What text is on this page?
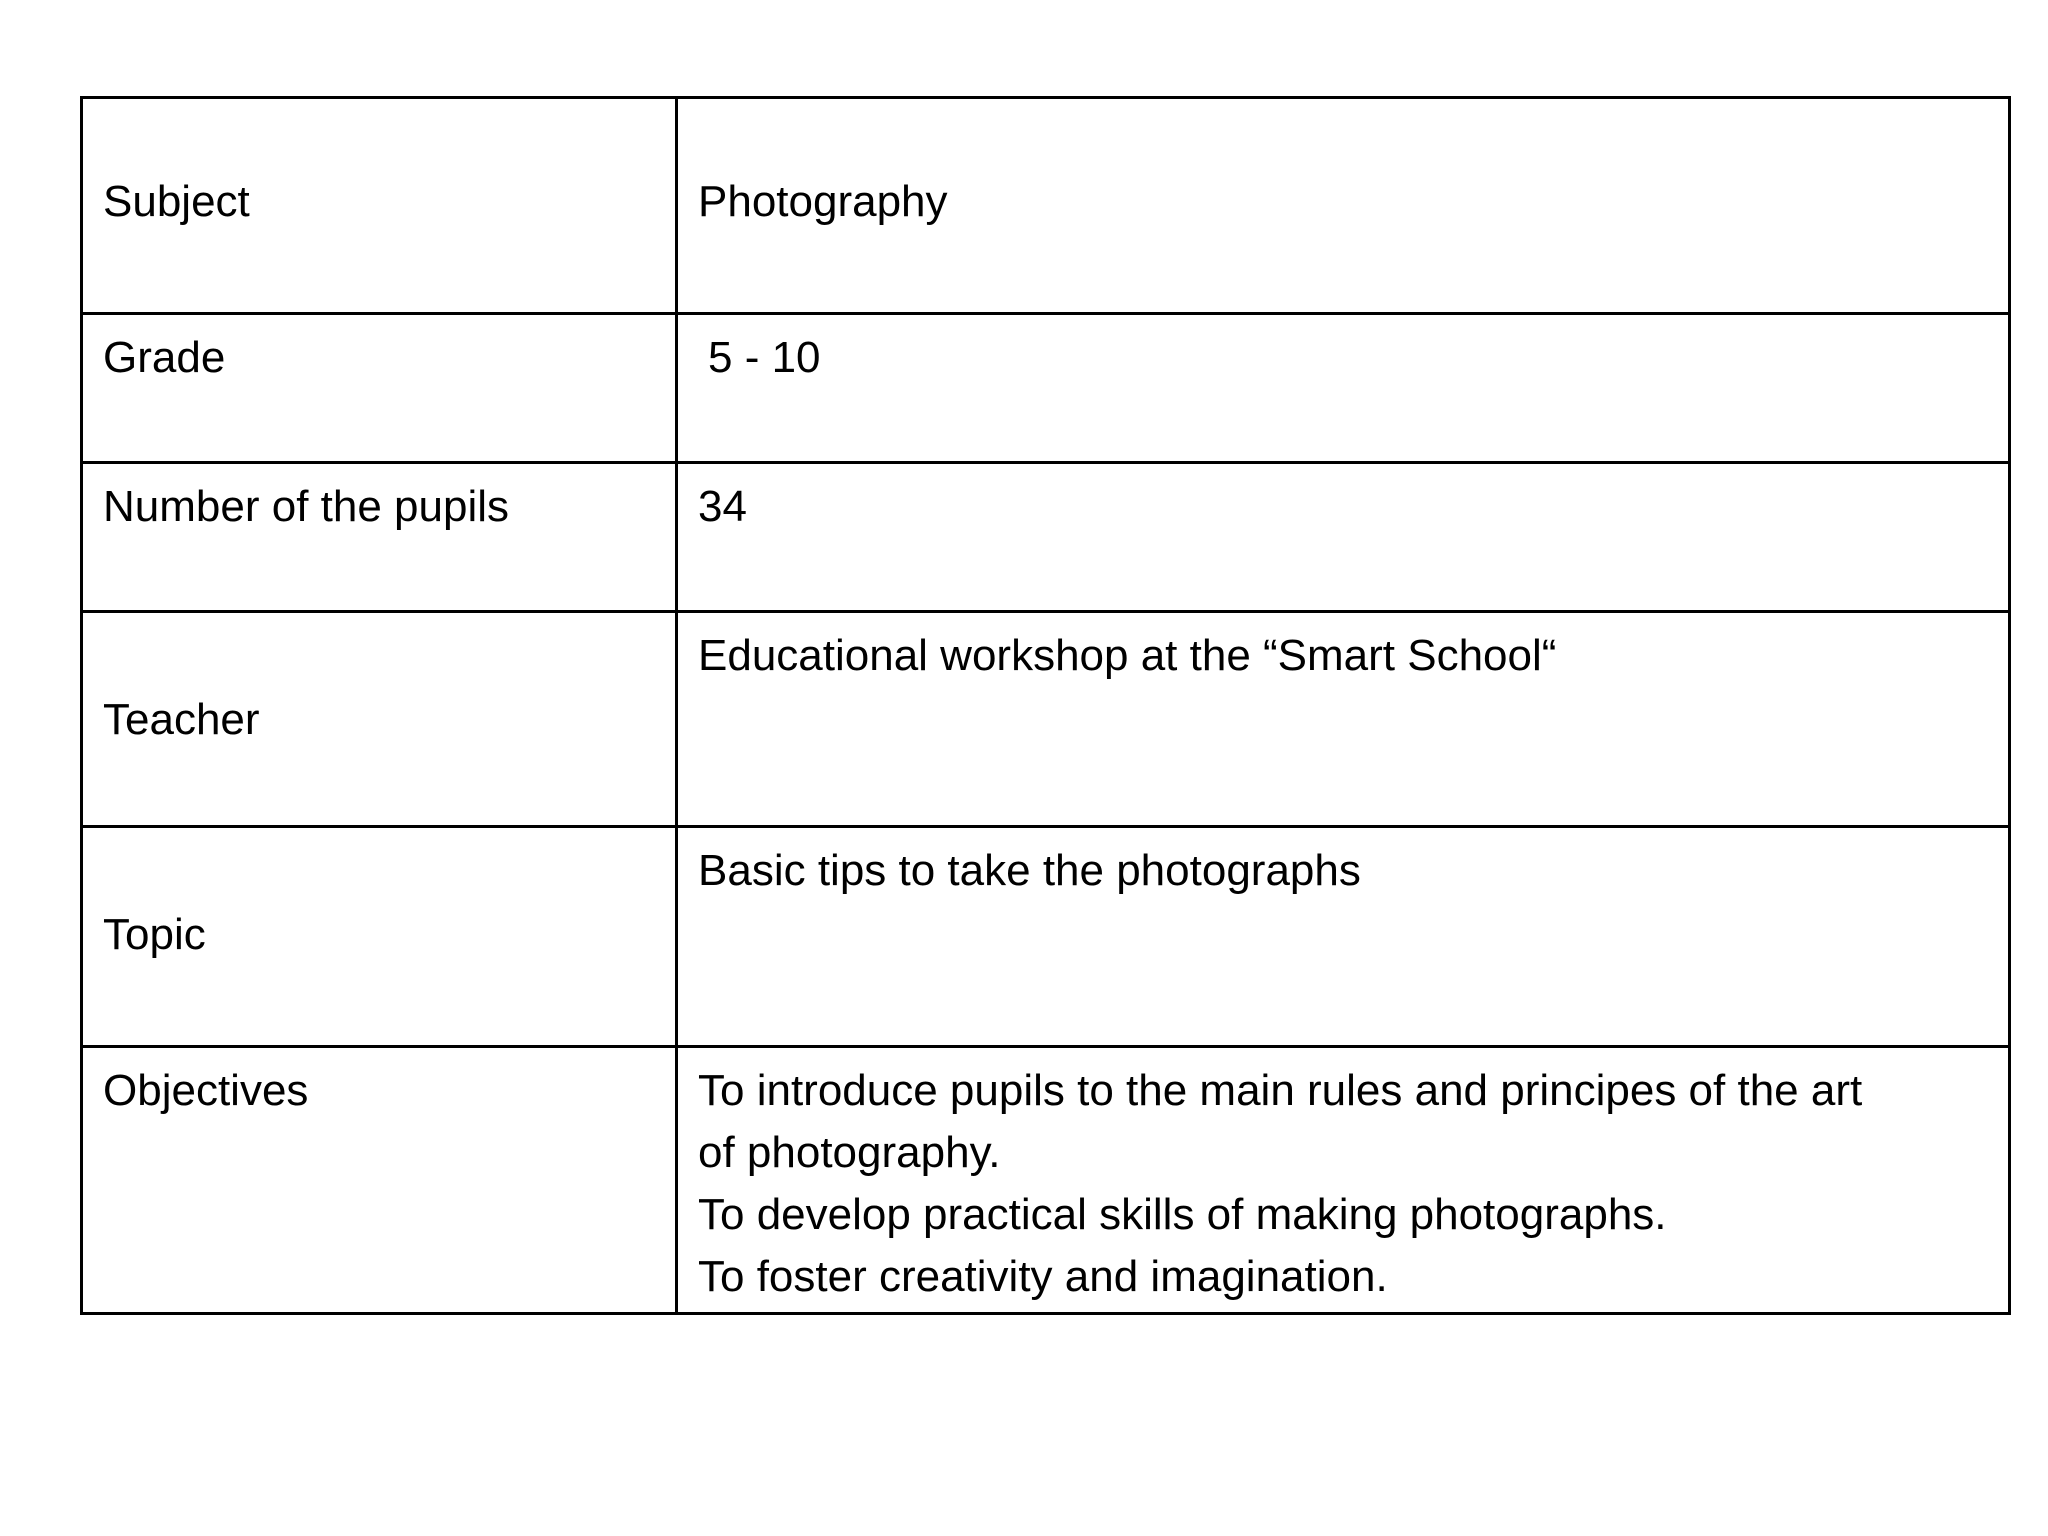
Subject	Photography

Grade	5 - 10

Number of the pupils	34

Teacher	Educational workshop at the “Smart School“

Topic	Basic tips to take the photographs

Objectives	To introduce pupils to the main rules and principes of the art
of photography.
To develop practical skills of making photographs.
To foster creativity and imagination.
